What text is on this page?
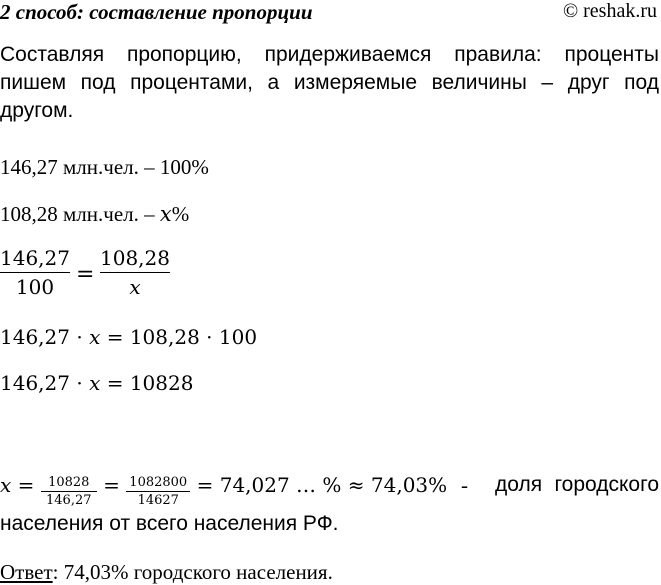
2 способ: составление пропорции	© reshak.ru
Составляя пропорцию, придерживаемся правила: проценты пишем под процентами, а измеряемые величины – друг под другом.
146,27 млн.чел. – 100%
108,28 млн.чел. – x%
146,27
100 =
108,28
x
146,27 · x = 108,28 · 100
146,27 · x = 10828
$x = \frac{10828}{146,27} = \frac{1082800}{14627} = 74,027$ … % ≈ 74,03% - доля городского
населения от всего населения РФ.
Ответ: 74,03% городского населения.
